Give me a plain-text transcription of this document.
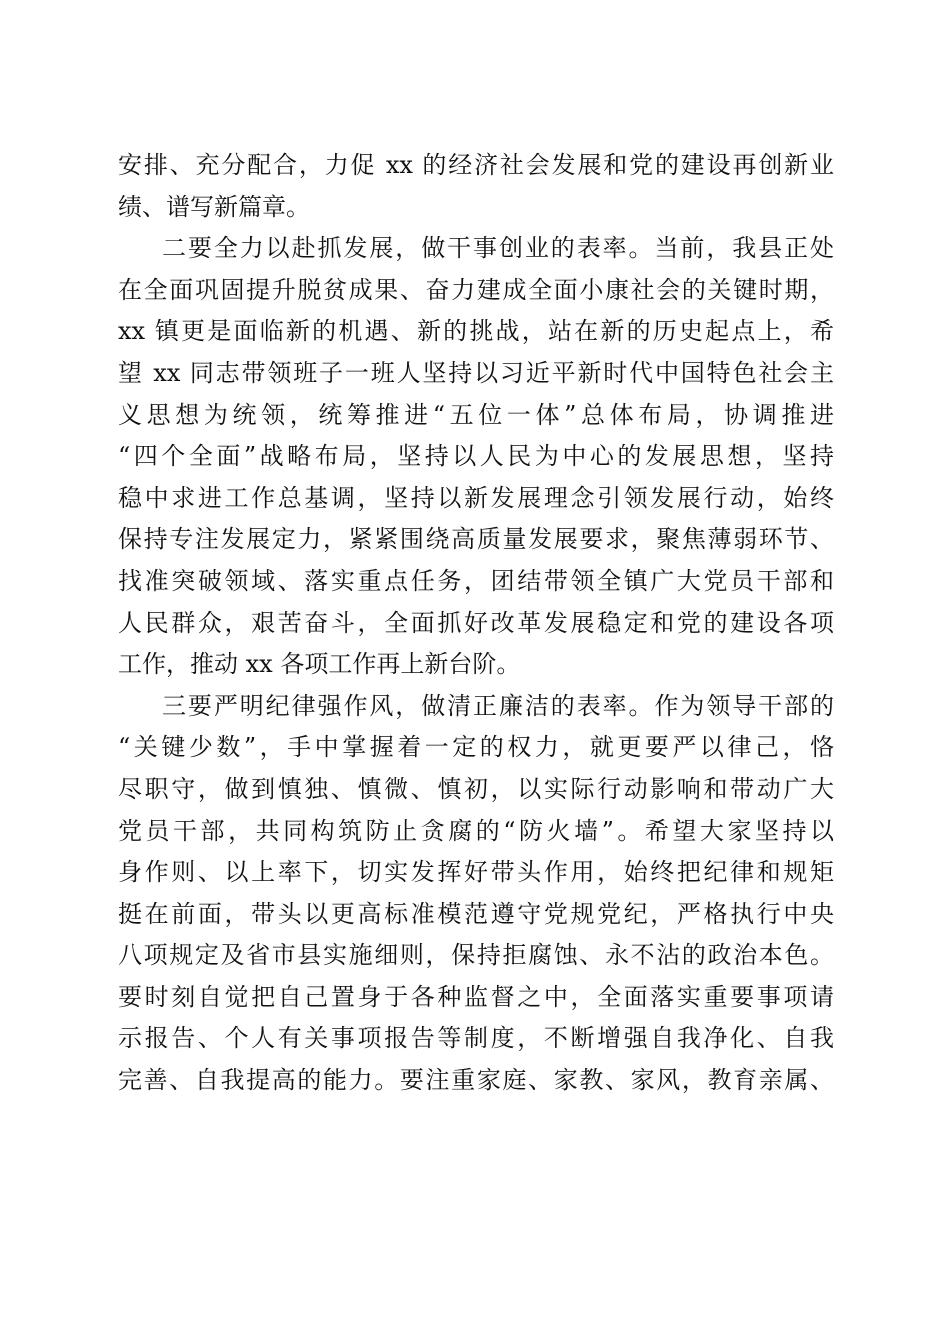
安排、充分配合，力促 xx 的经济社会发展和党的建设再创新业
绩、谱写新篇章。
二要全力以赴抓发展，做干事创业的表率。当前，我县正处
在全面巩固提升脱贫成果、奋力建成全面小康社会的关键时期，
xx 镇更是面临新的机遇、新的挑战，站在新的历史起点上，希
望 xx 同志带领班子一班人坚持以习近平新时代中国特色社会主
义思想为统领，统筹推进“五位一体”总体布局，协调推进
“四个全面”战略布局，坚持以人民为中心的发展思想，坚持
稳中求进工作总基调，坚持以新发展理念引领发展行动，始终
保持专注发展定力，紧紧围绕高质量发展要求，聚焦薄弱环节、
找准突破领域、落实重点任务，团结带领全镇广大党员干部和
人民群众，艰苦奋斗，全面抓好改革发展稳定和党的建设各项
工作，推动 xx 各项工作再上新台阶。
三要严明纪律强作风，做清正廉洁的表率。作为领导干部的
“关键少数”，手中掌握着一定的权力，就更要严以律己，恪
尽职守，做到慎独、慎微、慎初，以实际行动影响和带动广大
党员干部，共同构筑防止贪腐的“防火墙”。希望大家坚持以
身作则、以上率下，切实发挥好带头作用，始终把纪律和规矩
挺在前面，带头以更高标准模范遵守党规党纪，严格执行中央
八项规定及省市县实施细则，保持拒腐蚀、永不沾的政治本色。
要时刻自觉把自己置身于各种监督之中，全面落实重要事项请
示报告、个人有关事项报告等制度，不断增强自我净化、自我
完善、自我提高的能力。要注重家庭、家教、家风，教育亲属、
